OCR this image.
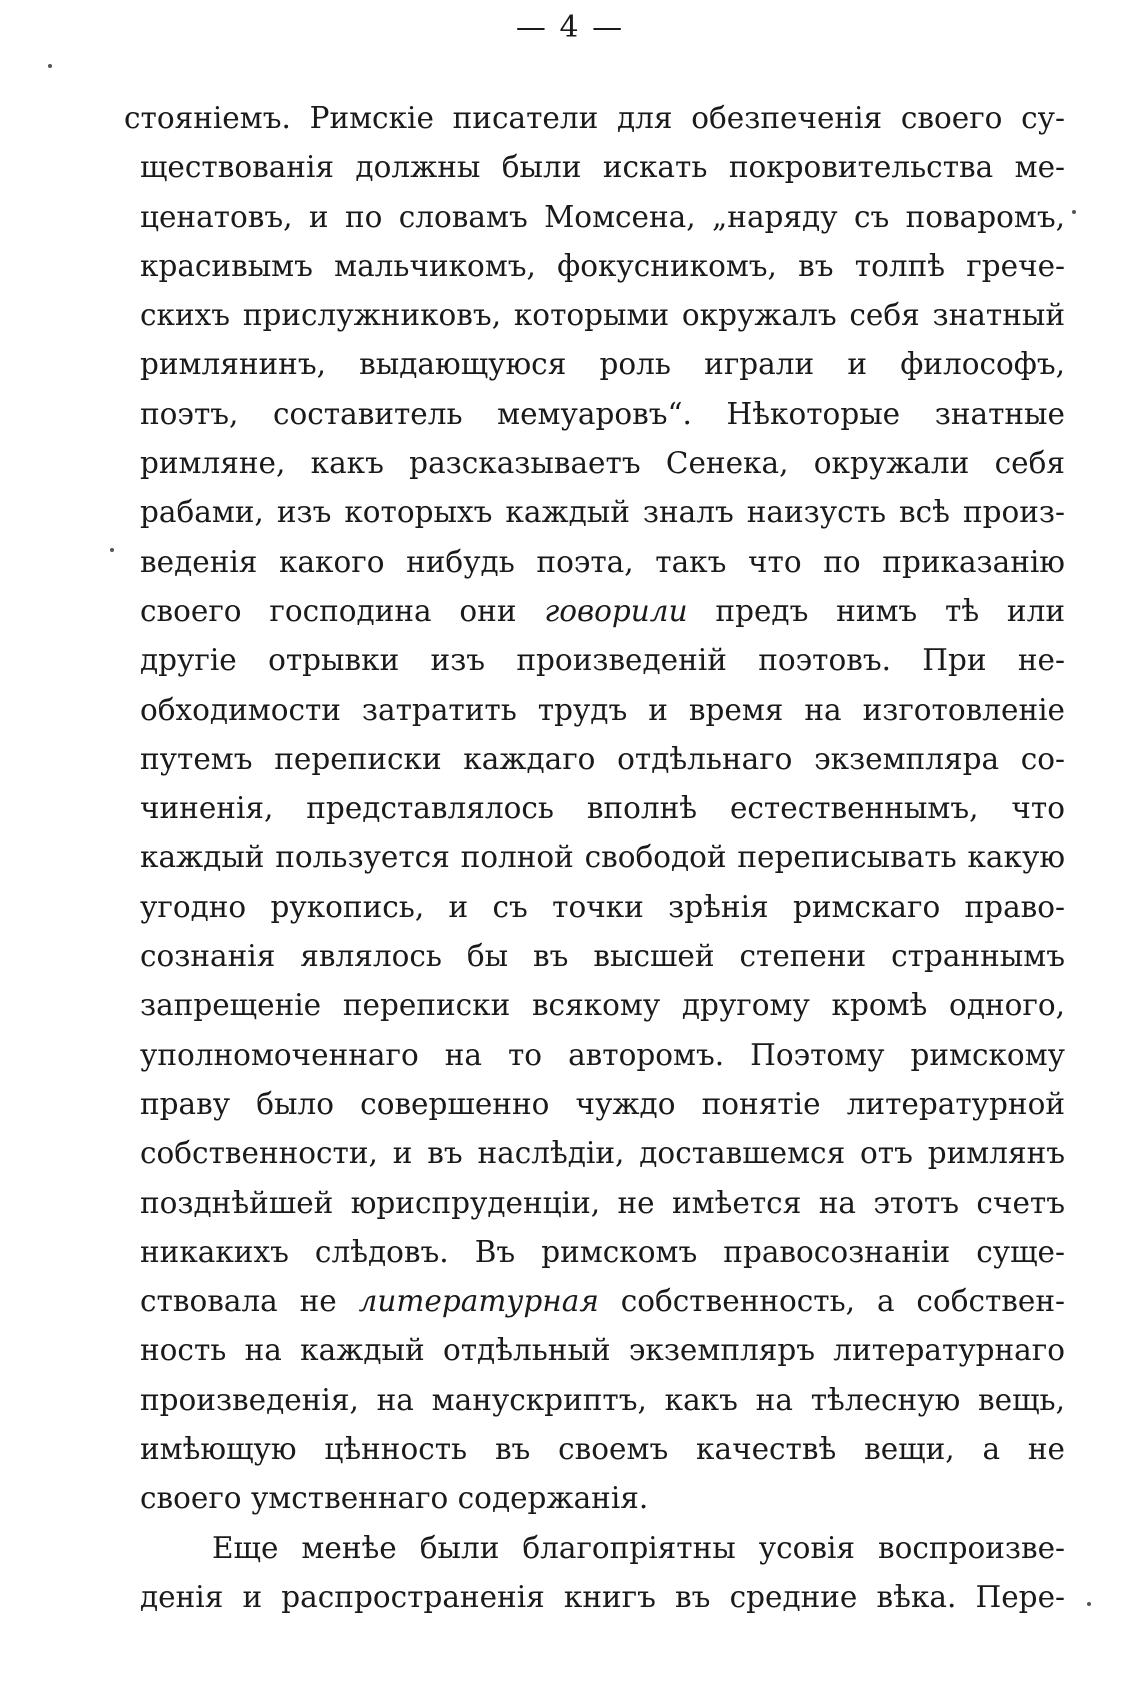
— 4 —

стоянiемъ. Римскiе писатели для обезпеченiя своего су-
ществованiя должны были искать покровительства ме-
ценатовъ, и по словамъ Момсена, „наряду съ поваромъ,
красивымъ мальчикомъ, фокусникомъ, въ толпѣ грече-
скихъ прислужниковъ, которыми окружалъ себя знатный
римлянинъ, выдающуюся роль играли и философъ,
поэтъ, составитель мемуаровъ“. Нѣкоторые знатные
римляне, какъ разсказываетъ Сенека, окружали себя
рабами, изъ которыхъ каждый зналъ наизусть всѣ произ-
веденiя какого нибудь поэта, такъ что по приказанiю
своего господина они говорили предъ нимъ тѣ или
другiе отрывки изъ произведенiй поэтовъ. При не-
обходимости затратить трудъ и время на изготовленiе
путемъ переписки каждаго отдѣльнаго экземпляра со-
чиненiя, представлялось вполнѣ естественнымъ, что
каждый пользуется полной свободой переписывать какую
угодно рукопись, и съ точки зрѣнiя римскаго право-
сознанiя являлось бы въ высшей степени страннымъ
запрещенiе переписки всякому другому кромѣ одного,
уполномоченнаго на то авторомъ. Поэтому римскому
праву было совершенно чуждо понятiе литературной
собственности, и въ наслѣдiи, доставшемся отъ римлянъ
позднѣйшей юриспруденцiи, не имѣется на этотъ счетъ
никакихъ слѣдовъ. Въ римскомъ правосознанiи суще-
ствовала не литературная собственность, а собствен-
ность на каждый отдѣльный экземпляръ литературнаго
произведенiя, на манускриптъ, какъ на тѣлесную вещь,
имѣющую цѣнность въ своемъ качествѣ вещи, а не
своего умственнаго содержанiя.

Еще менѣе были благопрiятны усовiя воспроизве-
денiя и распространенiя книгъ въ средние вѣка. Пере-
